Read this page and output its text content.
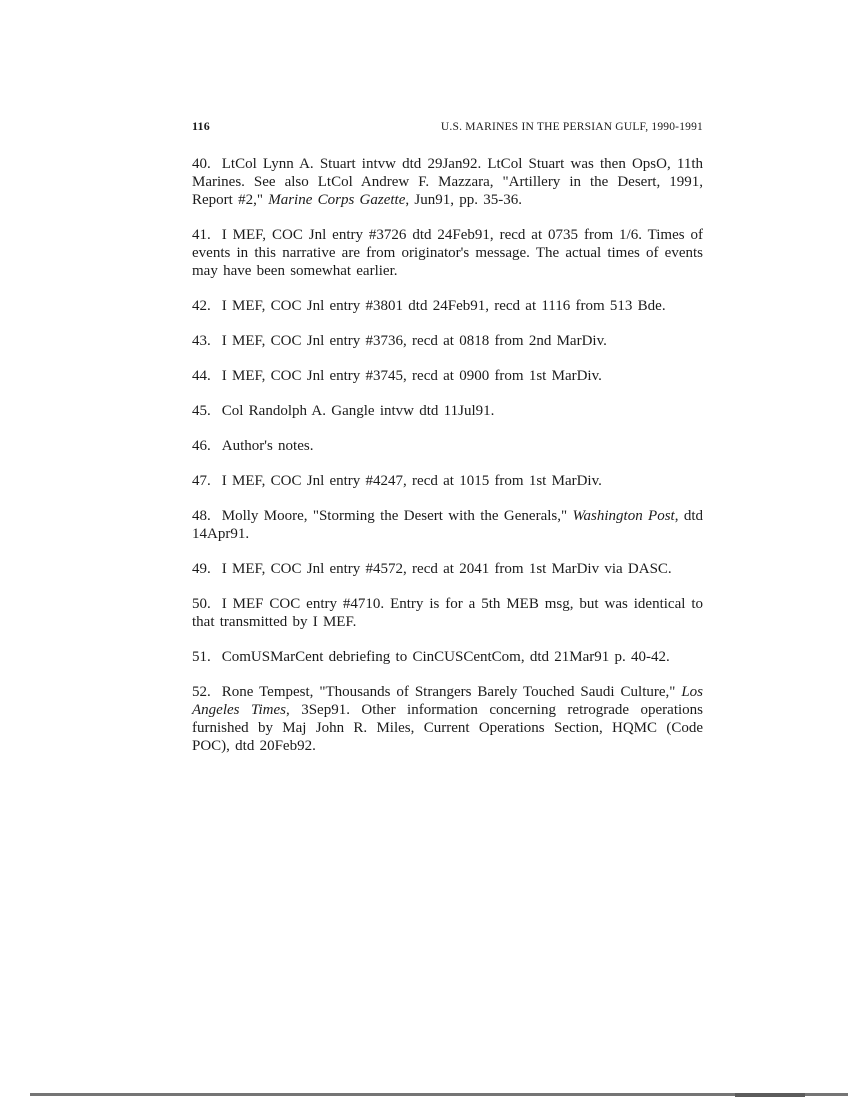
116	U.S. MARINES IN THE PERSIAN GULF, 1990-1991

40. LtCol Lynn A. Stuart intvw dtd 29Jan92. LtCol Stuart was then OpsO, 11th Marines. See also LtCol Andrew F. Mazzara, "Artillery in the Desert, 1991, Report #2," Marine Corps Gazette, Jun91, pp. 35-36.

41. I MEF, COC Jnl entry #3726 dtd 24Feb91, recd at 0735 from 1/6. Times of events in this narrative are from originator's message. The actual times of events may have been somewhat earlier.

42. I MEF, COC Jnl entry #3801 dtd 24Feb91, recd at 1116 from 513 Bde.

43. I MEF, COC Jnl entry #3736, recd at 0818 from 2nd MarDiv.

44. I MEF, COC Jnl entry #3745, recd at 0900 from 1st MarDiv.

45. Col Randolph A. Gangle intvw dtd 11Jul91.

46. Author's notes.

47. I MEF, COC Jnl entry #4247, recd at 1015 from 1st MarDiv.

48. Molly Moore, "Storming the Desert with the Generals," Washington Post, dtd 14Apr91.

49. I MEF, COC Jnl entry #4572, recd at 2041 from 1st MarDiv via DASC.

50. I MEF COC entry #4710. Entry is for a 5th MEB msg, but was identical to that transmitted by I MEF.

51. ComUSMarCent debriefing to CinCUSCentCom, dtd 21Mar91 p. 40-42.

52. Rone Tempest, "Thousands of Strangers Barely Touched Saudi Culture," Los Angeles Times, 3Sep91. Other information concerning retrograde operations furnished by Maj John R. Miles, Current Operations Section, HQMC (Code POC), dtd 20Feb92.
